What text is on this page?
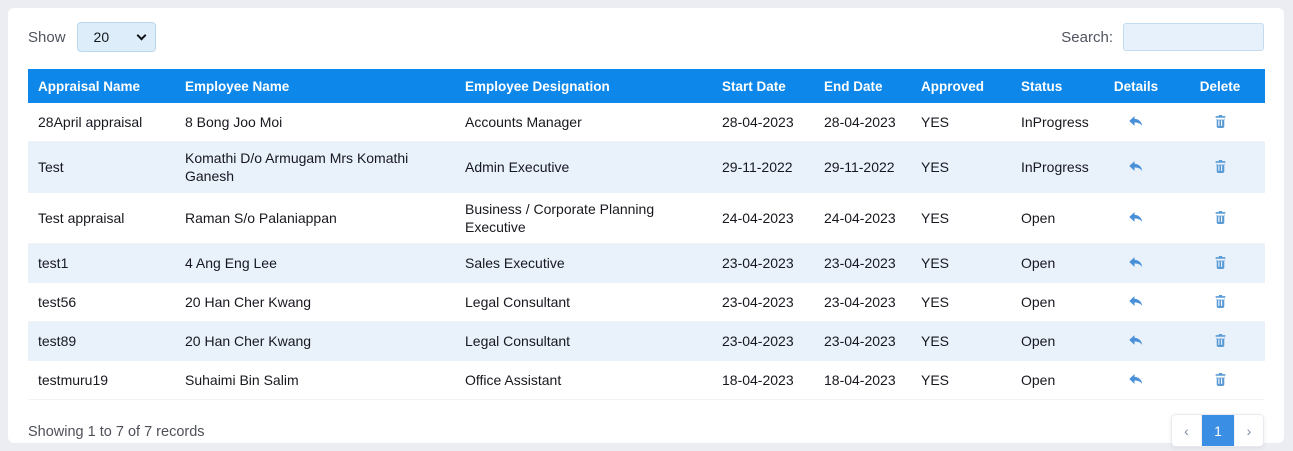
Show
20	Search:
Appraisal Name	Employee Name	Employee Designation	Start Date	End Date	Approved	Status	Details	Delete
28April appraisal	8 Bong Joo Moi	Accounts Manager	28-04-2023	28-04-2023	YES	InProgress	

Test	Komathi D/o Armugam Mrs Komathi Ganesh	Admin Executive	29-11-2022	29-11-2022	YES	InProgress	

Test appraisal	Raman S/o Palaniappan	Business / Corporate Planning Executive	24-04-2023	24-04-2023	YES	Open	

test1	4 Ang Eng Lee	Sales Executive	23-04-2023	23-04-2023	YES	Open	

test56	20 Han Cher Kwang	Legal Consultant	23-04-2023	23-04-2023	YES	Open	

test89	20 Han Cher Kwang	Legal Consultant	23-04-2023	23-04-2023	YES	Open	

testmuru19	Suhaimi Bin Salim	Office Assistant	18-04-2023	18-04-2023	YES	Open	

Showing 1 to 7 of 7 records	‹	1	›
